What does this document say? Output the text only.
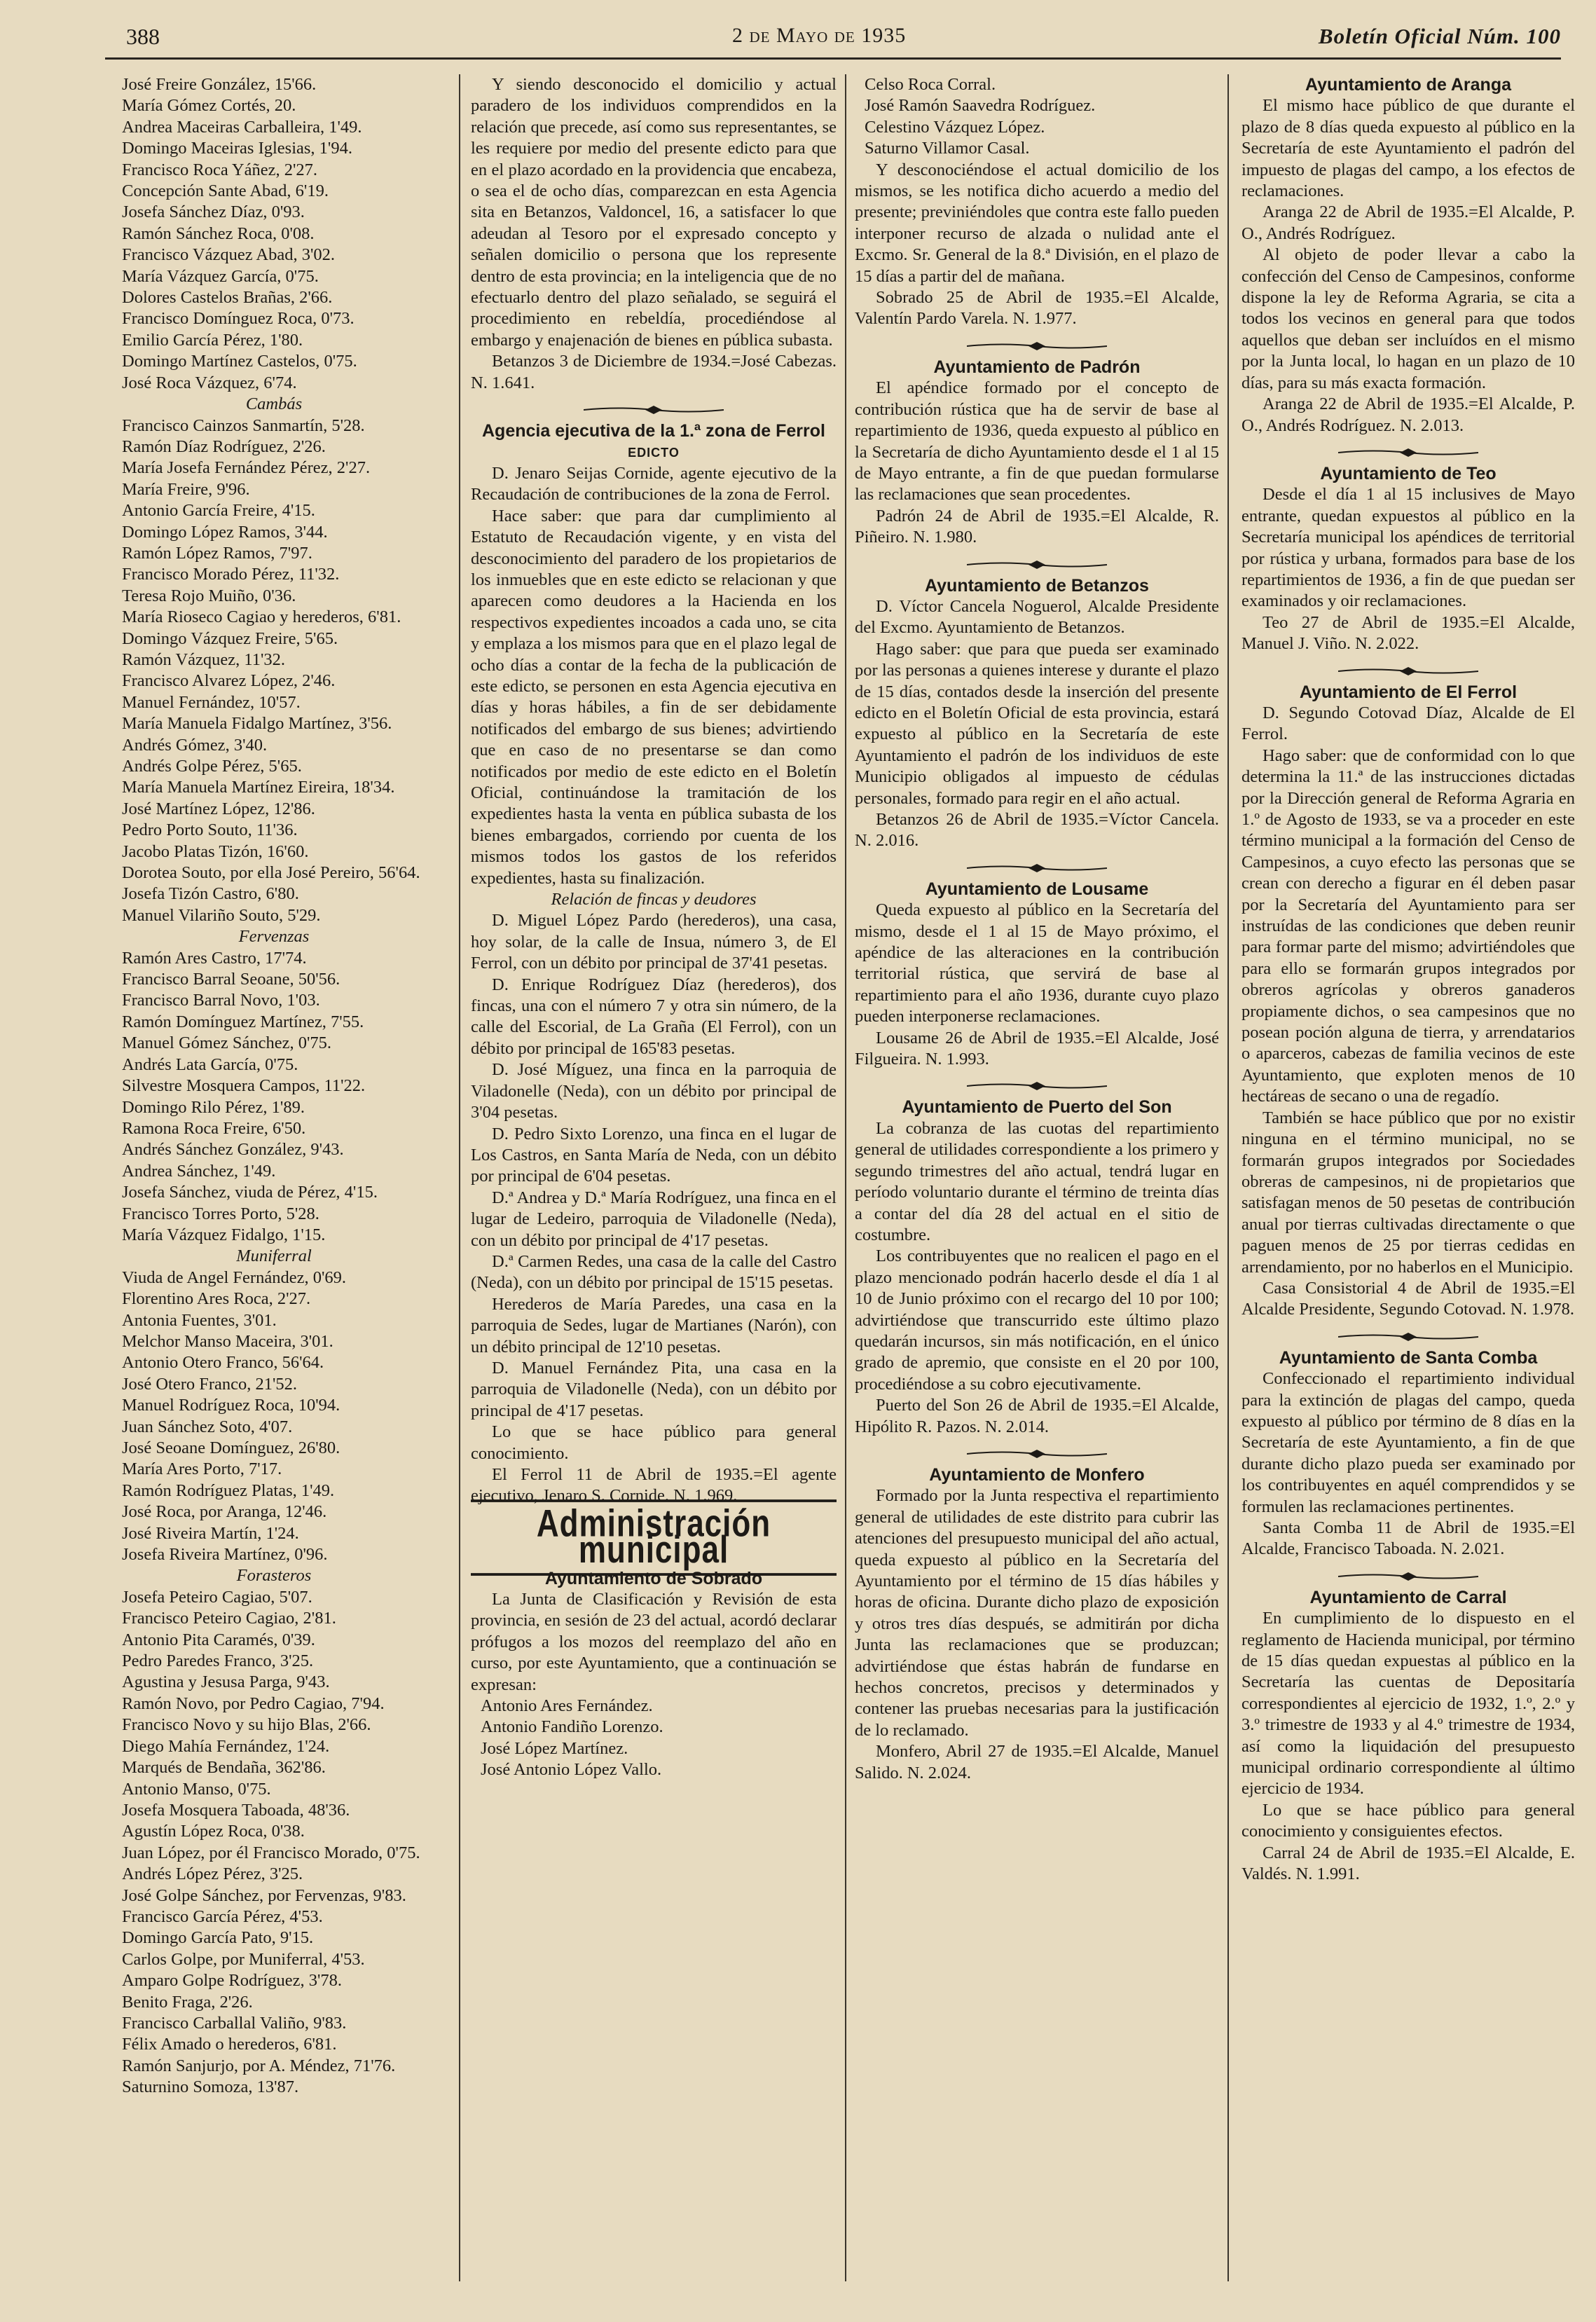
388	2 de Mayo de 1935	Boletín Oficial Núm. 100

José Freire González, 15'66.

María Gómez Cortés, 20.

Andrea Maceiras Carballeira, 1'49.

Domingo Maceiras Iglesias, 1'94.

Francisco Roca Yáñez, 2'27.

Concepción Sante Abad, 6'19.

Josefa Sánchez Díaz, 0'93.

Ramón Sánchez Roca, 0'08.

Francisco Vázquez Abad, 3'02.

María Vázquez García, 0'75.

Dolores Castelos Brañas, 2'66.

Francisco Domínguez Roca, 0'73.

Emilio García Pérez, 1'80.

Domingo Martínez Castelos, 0'75.

José Roca Vázquez, 6'74.

Cambás

Francisco Cainzos Sanmartín, 5'28.

Ramón Díaz Rodríguez, 2'26.

María Josefa Fernández Pérez, 2'27.

María Freire, 9'96.

Antonio García Freire, 4'15.

Domingo López Ramos, 3'44.

Ramón López Ramos, 7'97.

Francisco Morado Pérez, 11'32.

Teresa Rojo Muiño, 0'36.

María Rioseco Cagiao y herederos, 6'81.

Domingo Vázquez Freire, 5'65.

Ramón Vázquez, 11'32.

Francisco Alvarez López, 2'46.

Manuel Fernández, 10'57.

María Manuela Fidalgo Martínez, 3'56.

Andrés Gómez, 3'40.

Andrés Golpe Pérez, 5'65.

María Manuela Martínez Eireira, 18'34.

José Martínez López, 12'86.

Pedro Porto Souto, 11'36.

Jacobo Platas Tizón, 16'60.

Dorotea Souto, por ella José Pereiro, 56'64.

Josefa Tizón Castro, 6'80.

Manuel Vilariño Souto, 5'29.

Fervenzas

Ramón Ares Castro, 17'74.

Francisco Barral Seoane, 50'56.

Francisco Barral Novo, 1'03.

Ramón Domínguez Martínez, 7'55.

Manuel Gómez Sánchez, 0'75.

Andrés Lata García, 0'75.

Silvestre Mosquera Campos, 11'22.

Domingo Rilo Pérez, 1'89.

Ramona Roca Freire, 6'50.

Andrés Sánchez González, 9'43.

Andrea Sánchez, 1'49.

Josefa Sánchez, viuda de Pérez, 4'15.

Francisco Torres Porto, 5'28.

María Vázquez Fidalgo, 1'15.

Muniferral

Viuda de Angel Fernández, 0'69.

Florentino Ares Roca, 2'27.

Antonia Fuentes, 3'01.

Melchor Manso Maceira, 3'01.

Antonio Otero Franco, 56'64.

José Otero Franco, 21'52.

Manuel Rodríguez Roca, 10'94.

Juan Sánchez Soto, 4'07.

José Seoane Domínguez, 26'80.

María Ares Porto, 7'17.

Ramón Rodríguez Platas, 1'49.

José Roca, por Aranga, 12'46.

José Riveira Martín, 1'24.

Josefa Riveira Martínez, 0'96.

Forasteros

Josefa Peteiro Cagiao, 5'07.

Francisco Peteiro Cagiao, 2'81.

Antonio Pita Caramés, 0'39.

Pedro Paredes Franco, 3'25.

Agustina y Jesusa Parga, 9'43.

Ramón Novo, por Pedro Cagiao, 7'94.

Francisco Novo y su hijo Blas, 2'66.

Diego Mahía Fernández, 1'24.

Marqués de Bendaña, 362'86.

Antonio Manso, 0'75.

Josefa Mosquera Taboada, 48'36.

Agustín López Roca, 0'38.

Juan López, por él Francisco Morado, 0'75.

Andrés López Pérez, 3'25.

José Golpe Sánchez, por Fervenzas, 9'83.

Francisco García Pérez, 4'53.

Domingo García Pato, 9'15.

Carlos Golpe, por Muniferral, 4'53.

Amparo Golpe Rodríguez, 3'78.

Benito Fraga, 2'26.

Francisco Carballal Valiño, 9'83.

Félix Amado o herederos, 6'81.

Ramón Sanjurjo, por A. Méndez, 71'76.

Saturnino Somoza, 13'87.

Y siendo desconocido el domicilio y actual paradero de los individuos comprendidos en la relación que precede, así como sus representantes, se les requiere por medio del presente edicto para que en el plazo acordado en la providencia que encabeza, o sea el de ocho días, comparezcan en esta Agencia sita en Betanzos, Valdoncel, 16, a satisfacer lo que adeudan al Tesoro por el expresado concepto y señalen domicilio o persona que los represente dentro de esta provincia; en la inteligencia que de no efectuarlo dentro del plazo señalado, se seguirá el procedimiento en rebeldía, procediéndose al embargo y enajenación de bienes en pública subasta.

Betanzos 3 de Diciembre de 1934.=José Cabezas. N. 1.641.

Agencia ejecutiva de la 1.ª zona de Ferrol

EDICTO

D. Jenaro Seijas Cornide, agente ejecutivo de la Recaudación de contribuciones de la zona de Ferrol.

Hace saber: que para dar cumplimiento al Estatuto de Recaudación vigente, y en vista del desconocimiento del paradero de los propietarios de los inmuebles que en este edicto se relacionan y que aparecen como deudores a la Hacienda en los respectivos expedientes incoados a cada uno, se cita y emplaza a los mismos para que en el plazo legal de ocho días a contar de la fecha de la publicación de este edicto, se personen en esta Agencia ejecutiva en días y horas hábiles, a fin de ser debidamente notificados del embargo de sus bienes; advirtiendo que en caso de no presentarse se dan como notificados por medio de este edicto en el Boletín Oficial, continuándose la tramitación de los expedientes hasta la venta en pública subasta de los bienes embargados, corriendo por cuenta de los mismos todos los gastos de los referidos expedientes, hasta su finalización.

Relación de fincas y deudores

D. Miguel López Pardo (herederos), una casa, hoy solar, de la calle de Insua, número 3, de El Ferrol, con un débito por principal de 37'41 pesetas.

D. Enrique Rodríguez Díaz (herederos), dos fincas, una con el número 7 y otra sin número, de la calle del Escorial, de La Graña (El Ferrol), con un débito por principal de 165'83 pesetas.

D. José Míguez, una finca en la parroquia de Viladonelle (Neda), con un débito por principal de 3'04 pesetas.

D. Pedro Sixto Lorenzo, una finca en el lugar de Los Castros, en Santa María de Neda, con un débito por principal de 6'04 pesetas.

D.ª Andrea y D.ª María Rodríguez, una finca en el lugar de Ledeiro, parroquia de Viladonelle (Neda), con un débito por principal de 4'17 pesetas.

D.ª Carmen Redes, una casa de la calle del Castro (Neda), con un débito por principal de 15'15 pesetas.

Herederos de María Paredes, una casa en la parroquia de Sedes, lugar de Martianes (Narón), con un débito principal de 12'10 pesetas.

D. Manuel Fernández Pita, una casa en la parroquia de Viladonelle (Neda), con un débito por principal de 4'17 pesetas.

Lo que se hace público para general conocimiento.

El Ferrol 11 de Abril de 1935.=El agente ejecutivo, Jenaro S. Cornide. N. 1.969.

Administración municipal

Ayuntamiento de Sobrado

La Junta de Clasificación y Revisión de esta provincia, en sesión de 23 del actual, acordó declarar prófugos a los mozos del reemplazo del año en curso, por este Ayuntamiento, que a continuación se expresan:

Antonio Ares Fernández.

Antonio Fandiño Lorenzo.

José López Martínez.

José Antonio López Vallo.

Celso Roca Corral.

José Ramón Saavedra Rodríguez.

Celestino Vázquez López.

Saturno Villamor Casal.

Y desconociéndose el actual domicilio de los mismos, se les notifica dicho acuerdo a medio del presente; previniéndoles que contra este fallo pueden interponer recurso de alzada o nulidad ante el Excmo. Sr. General de la 8.ª División, en el plazo de 15 días a partir del de mañana.

Sobrado 25 de Abril de 1935.=El Alcalde, Valentín Pardo Varela. N. 1.977.

Ayuntamiento de Padrón

El apéndice formado por el concepto de contribución rústica que ha de servir de base al repartimiento de 1936, queda expuesto al público en la Secretaría de dicho Ayuntamiento desde el 1 al 15 de Mayo entrante, a fin de que puedan formularse las reclamaciones que sean procedentes.

Padrón 24 de Abril de 1935.=El Alcalde, R. Piñeiro. N. 1.980.

Ayuntamiento de Betanzos

D. Víctor Cancela Noguerol, Alcalde Presidente del Excmo. Ayuntamiento de Betanzos.

Hago saber: que para que pueda ser examinado por las personas a quienes interese y durante el plazo de 15 días, contados desde la inserción del presente edicto en el Boletín Oficial de esta provincia, estará expuesto al público en la Secretaría de este Ayuntamiento el padrón de los individuos de este Municipio obligados al impuesto de cédulas personales, formado para regir en el año actual.

Betanzos 26 de Abril de 1935.=Víctor Cancela. N. 2.016.

Ayuntamiento de Lousame

Queda expuesto al público en la Secretaría del mismo, desde el 1 al 15 de Mayo próximo, el apéndice de las alteraciones en la contribución territorial rústica, que servirá de base al repartimiento para el año 1936, durante cuyo plazo pueden interponerse reclamaciones.

Lousame 26 de Abril de 1935.=El Alcalde, José Filgueira. N. 1.993.

Ayuntamiento de Puerto del Son

La cobranza de las cuotas del repartimiento general de utilidades correspondiente a los primero y segundo trimestres del año actual, tendrá lugar en período voluntario durante el término de treinta días a contar del día 28 del actual en el sitio de costumbre.

Los contribuyentes que no realicen el pago en el plazo mencionado podrán hacerlo desde el día 1 al 10 de Junio próximo con el recargo del 10 por 100; advirtiéndose que transcurrido este último plazo quedarán incursos, sin más notificación, en el único grado de apremio, que consiste en el 20 por 100, procediéndose a su cobro ejecutivamente.

Puerto del Son 26 de Abril de 1935.=El Alcalde, Hipólito R. Pazos. N. 2.014.

Ayuntamiento de Monfero

Formado por la Junta respectiva el repartimiento general de utilidades de este distrito para cubrir las atenciones del presupuesto municipal del año actual, queda expuesto al público en la Secretaría del Ayuntamiento por el término de 15 días hábiles y horas de oficina. Durante dicho plazo de exposición y otros tres días después, se admitirán por dicha Junta las reclamaciones que se produzcan; advirtiéndose que éstas habrán de fundarse en hechos concretos, precisos y determinados y contener las pruebas necesarias para la justificación de lo reclamado.

Monfero, Abril 27 de 1935.=El Alcalde, Manuel Salido. N. 2.024.

Ayuntamiento de Aranga

El mismo hace público de que durante el plazo de 8 días queda expuesto al público en la Secretaría de este Ayuntamiento el padrón del impuesto de plagas del campo, a los efectos de reclamaciones.

Aranga 22 de Abril de 1935.=El Alcalde, P. O., Andrés Rodríguez.

Al objeto de poder llevar a cabo la confección del Censo de Campesinos, conforme dispone la ley de Reforma Agraria, se cita a todos los vecinos en general para que todos aquellos que deban ser incluídos en el mismo por la Junta local, lo hagan en un plazo de 10 días, para su más exacta formación.

Aranga 22 de Abril de 1935.=El Alcalde, P. O., Andrés Rodríguez. N. 2.013.

Ayuntamiento de Teo

Desde el día 1 al 15 inclusives de Mayo entrante, quedan expuestos al público en la Secretaría municipal los apéndices de territorial por rústica y urbana, formados para base de los repartimientos de 1936, a fin de que puedan ser examinados y oir reclamaciones.

Teo 27 de Abril de 1935.=El Alcalde, Manuel J. Viño. N. 2.022.

Ayuntamiento de El Ferrol

D. Segundo Cotovad Díaz, Alcalde de El Ferrol.

Hago saber: que de conformidad con lo que determina la 11.ª de las instrucciones dictadas por la Dirección general de Reforma Agraria en 1.º de Agosto de 1933, se va a proceder en este término municipal a la formación del Censo de Campesinos, a cuyo efecto las personas que se crean con derecho a figurar en él deben pasar por la Secretaría del Ayuntamiento para ser instruídas de las condiciones que deben reunir para formar parte del mismo; advirtiéndoles que para ello se formarán grupos integrados por obreros agrícolas y obreros ganaderos propiamente dichos, o sea campesinos que no posean poción alguna de tierra, y arrendatarios o aparceros, cabezas de familia vecinos de este Ayuntamiento, que exploten menos de 10 hectáreas de secano o una de regadío.

También se hace público que por no existir ninguna en el término municipal, no se formarán grupos integrados por Sociedades obreras de campesinos, ni de propietarios que satisfagan menos de 50 pesetas de contribución anual por tierras cultivadas directamente o que paguen menos de 25 por tierras cedidas en arrendamiento, por no haberlos en el Municipio.

Casa Consistorial 4 de Abril de 1935.=El Alcalde Presidente, Segundo Cotovad. N. 1.978.

Ayuntamiento de Santa Comba

Confeccionado el repartimiento individual para la extinción de plagas del campo, queda expuesto al público por término de 8 días en la Secretaría de este Ayuntamiento, a fin de que durante dicho plazo pueda ser examinado por los contribuyentes en aquél comprendidos y se formulen las reclamaciones pertinentes.

Santa Comba 11 de Abril de 1935.=El Alcalde, Francisco Taboada. N. 2.021.

Ayuntamiento de Carral

En cumplimiento de lo dispuesto en el reglamento de Hacienda municipal, por término de 15 días quedan expuestas al público en la Secretaría las cuentas de Depositaría correspondientes al ejercicio de 1932, 1.º, 2.º y 3.º trimestre de 1933 y al 4.º trimestre de 1934, así como la liquidación del presupuesto municipal ordinario correspondiente al último ejercicio de 1934.

Lo que se hace público para general conocimiento y consiguientes efectos.

Carral 24 de Abril de 1935.=El Alcalde, E. Valdés. N. 1.991.
